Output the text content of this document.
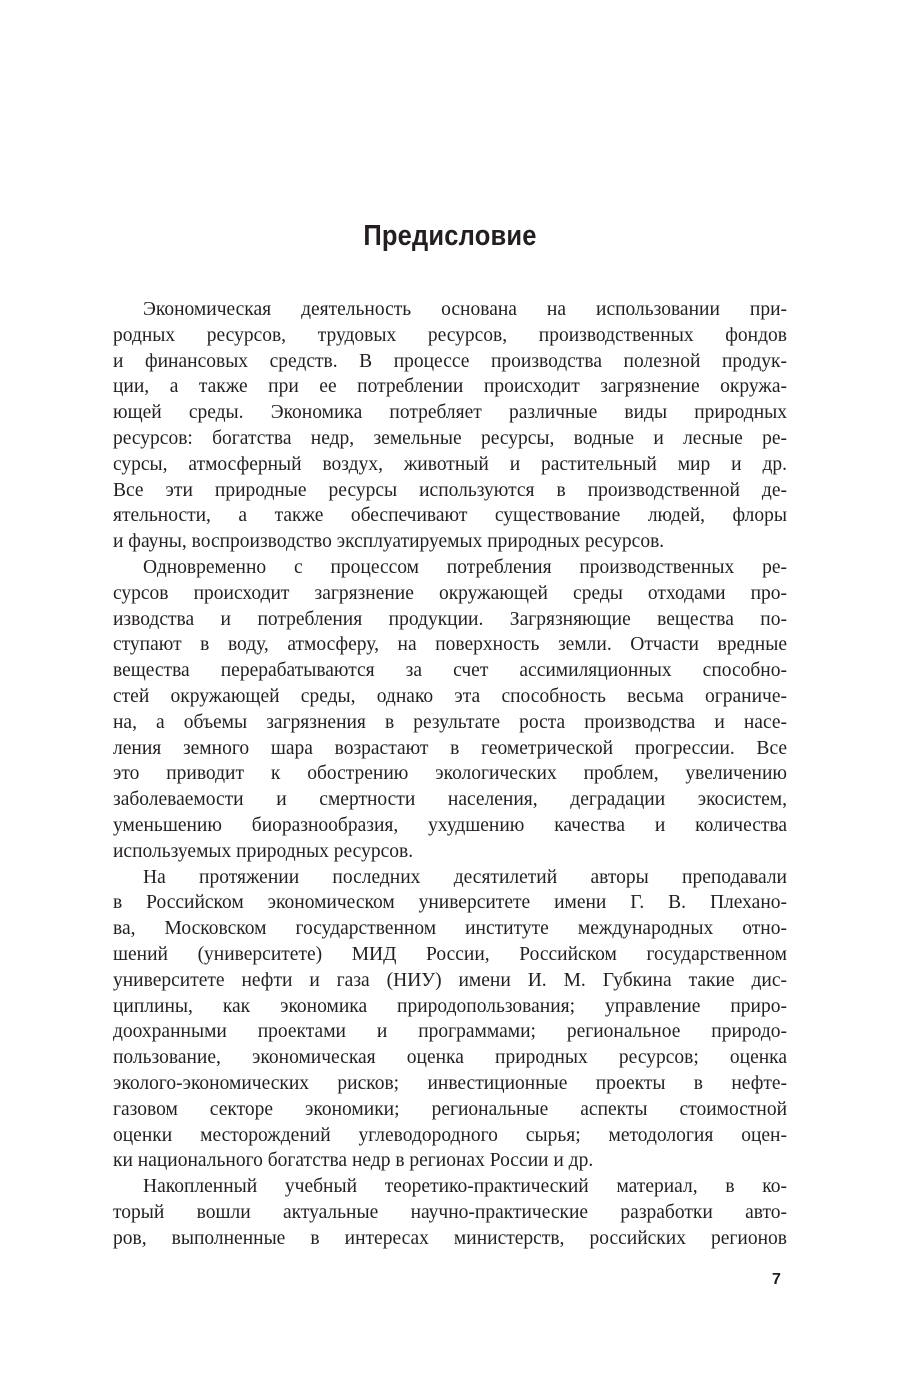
Предисловие
Экономическая деятельность основана на использовании при-
родных ресурсов, трудовых ресурсов, производственных фондов
и финансовых средств. В процессе производства полезной продук-
ции, а также при ее потреблении происходит загрязнение окружа-
ющей среды. Экономика потребляет различные виды природных
ресурсов: богатства недр, земельные ресурсы, водные и лесные ре-
сурсы, атмосферный воздух, животный и растительный мир и др.
Все эти природные ресурсы используются в производственной де-
ятельности, а также обеспечивают существование людей, флоры
и фауны, воспроизводство эксплуатируемых природных ресурсов.
Одновременно с процессом потребления производственных ре-
сурсов происходит загрязнение окружающей среды отходами про-
изводства и потребления продукции. Загрязняющие вещества по-
ступают в воду, атмосферу, на поверхность земли. Отчасти вредные
вещества перерабатываются за счет ассимиляционных способно-
стей окружающей среды, однако эта способность весьма ограниче-
на, а объемы загрязнения в результате роста производства и насе-
ления земного шара возрастают в геометрической прогрессии. Все
это приводит к обострению экологических проблем, увеличению
заболеваемости и смертности населения, деградации экосистем,
уменьшению биоразнообразия, ухудшению качества и количества
используемых природных ресурсов.
На протяжении последних десятилетий авторы преподавали
в Российском экономическом университете имени Г. В. Плехано-
ва, Московском государственном институте международных отно-
шений (университете) МИД России, Российском государственном
университете нефти и газа (НИУ) имени И. М. Губкина такие дис-
циплины, как экономика природопользования; управление приро-
доохранными проектами и программами; региональное природо-
пользование, экономическая оценка природных ресурсов; оценка
эколого-экономических рисков; инвестиционные проекты в нефте-
газовом секторе экономики; региональные аспекты стоимостной
оценки месторождений углеводородного сырья; методология оцен-
ки национального богатства недр в регионах России и др.
Накопленный учебный теоретико-практический материал, в ко-
торый вошли актуальные научно-практические разработки авто-
ров, выполненные в интересах министерств, российских регионов
7
